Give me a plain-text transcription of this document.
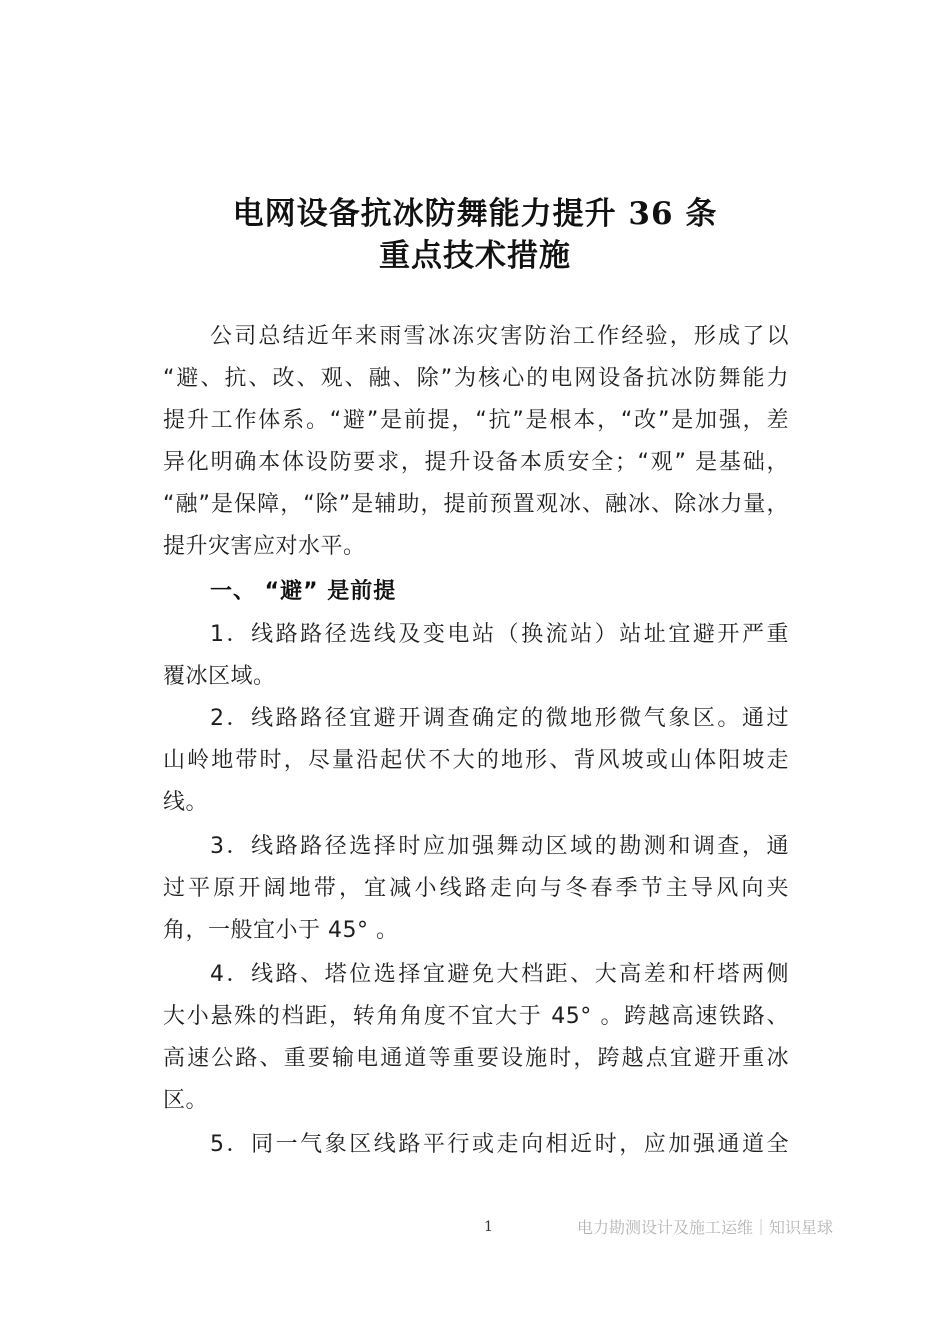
电网设备抗冰防舞能力提升 36 条
重点技术措施
公司总结近年来雨雪冰冻灾害防治工作经验，形成了以
“避、抗、改、观、融、除”为核心的电网设备抗冰防舞能力
提升工作体系。“避”是前提，“抗”是根本，“改”是加强，差
异化明确本体设防要求，提升设备本质安全；“观” 是基础，
“融”是保障，“除”是辅助，提前预置观冰、融冰、除冰力量，
提升灾害应对水平。
一、 “避” 是前提
1．线路路径选线及变电站（换流站）站址宜避开严重
覆冰区域。
2．线路路径宜避开调查确定的微地形微气象区。通过
山岭地带时，尽量沿起伏不大的地形、背风坡或山体阳坡走
线。
3．线路路径选择时应加强舞动区域的勘测和调查，通
过平原开阔地带，宜减小线路走向与冬春季节主导风向夹
角，一般宜小于 45° 。
4．线路、塔位选择宜避免大档距、大高差和杆塔两侧
大小悬殊的档距，转角角度不宜大于 45° 。跨越高速铁路、
高速公路、重要输电通道等重要设施时，跨越点宜避开重冰
区。
5．同一气象区线路平行或走向相近时，应加强通道全
1	电力勘测设计及施工运维｜知识星球
